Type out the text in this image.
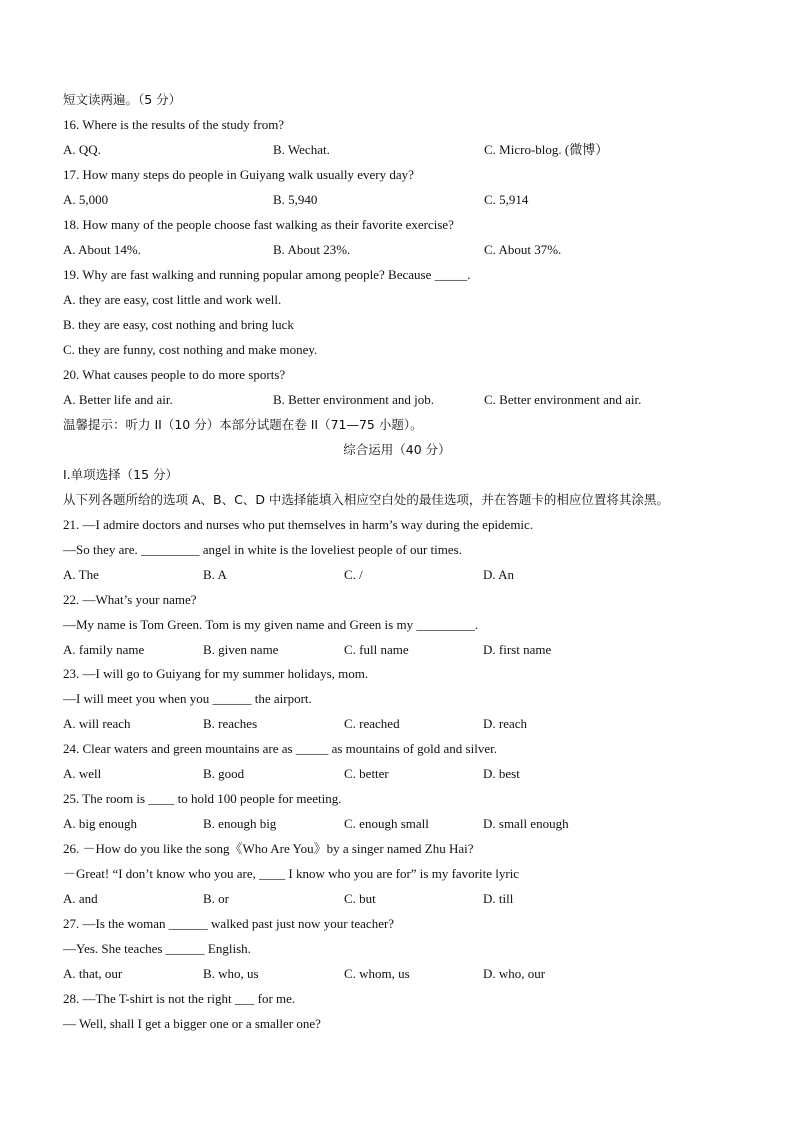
短文读两遍。（5 分）
16. Where is the results of the study from?
A. QQ.	B. Wechat.	C. Micro-blog. (微博）
17. How many steps do people in Guiyang walk usually every day?
A. 5,000	B. 5,940	C. 5,914
18. How many of the people choose fast walking as their favorite exercise?
A. About 14%.	B. About 23%.	C. About 37%.
19. Why are fast walking and running popular among people? Because _____.
A. they are easy, cost little and work well.
B. they are easy, cost nothing and bring luck
C. they are funny, cost nothing and make money.
20. What causes people to do more sports?
A. Better life and air.	B. Better environment and job.	C. Better environment and air.
温馨提示：听力 II（10 分）本部分试题在卷 II（71—75 小题）。
综合运用（40 分）
Ⅰ.单项选择（15 分）
从下列各题所给的选项 A、B、C、D 中选择能填入相应空白处的最佳选项，并在答题卡的相应位置将其涂黑。
21. —I admire doctors and nurses who put themselves in harm’s way during the epidemic.
—So they are. _________ angel in white is the loveliest people of our times.
A. The	B. A	C. /	D. An
22. —What’s your name?
—My name is Tom Green. Tom is my given name and Green is my _________.
A. family name	B. given name	C. full name	D. first name
23. —I will go to Guiyang for my summer holidays, mom.
—I will meet you when you ______ the airport.
A. will reach	B. reaches	C. reached	D. reach
24. Clear waters and green mountains are as _____ as mountains of gold and silver.
A. well	B. good	C. better	D. best
25. The room is ____ to hold 100 people for meeting.
A. big enough	B. enough big	C. enough small	D. small enough
26. －How do you like the song《Who Are You》by a singer named Zhu Hai?
－Great! “I don’t know who you are, ____ I know who you are for” is my favorite lyric
A. and	B. or	C. but	D. till
27. —Is the woman ______ walked past just now your teacher?
—Yes. She teaches ______ English.
A. that, our	B. who, us	C. whom, us	D. who, our
28. —The T-shirt is not the right ___ for me.
— Well, shall I get a bigger one or a smaller one?
